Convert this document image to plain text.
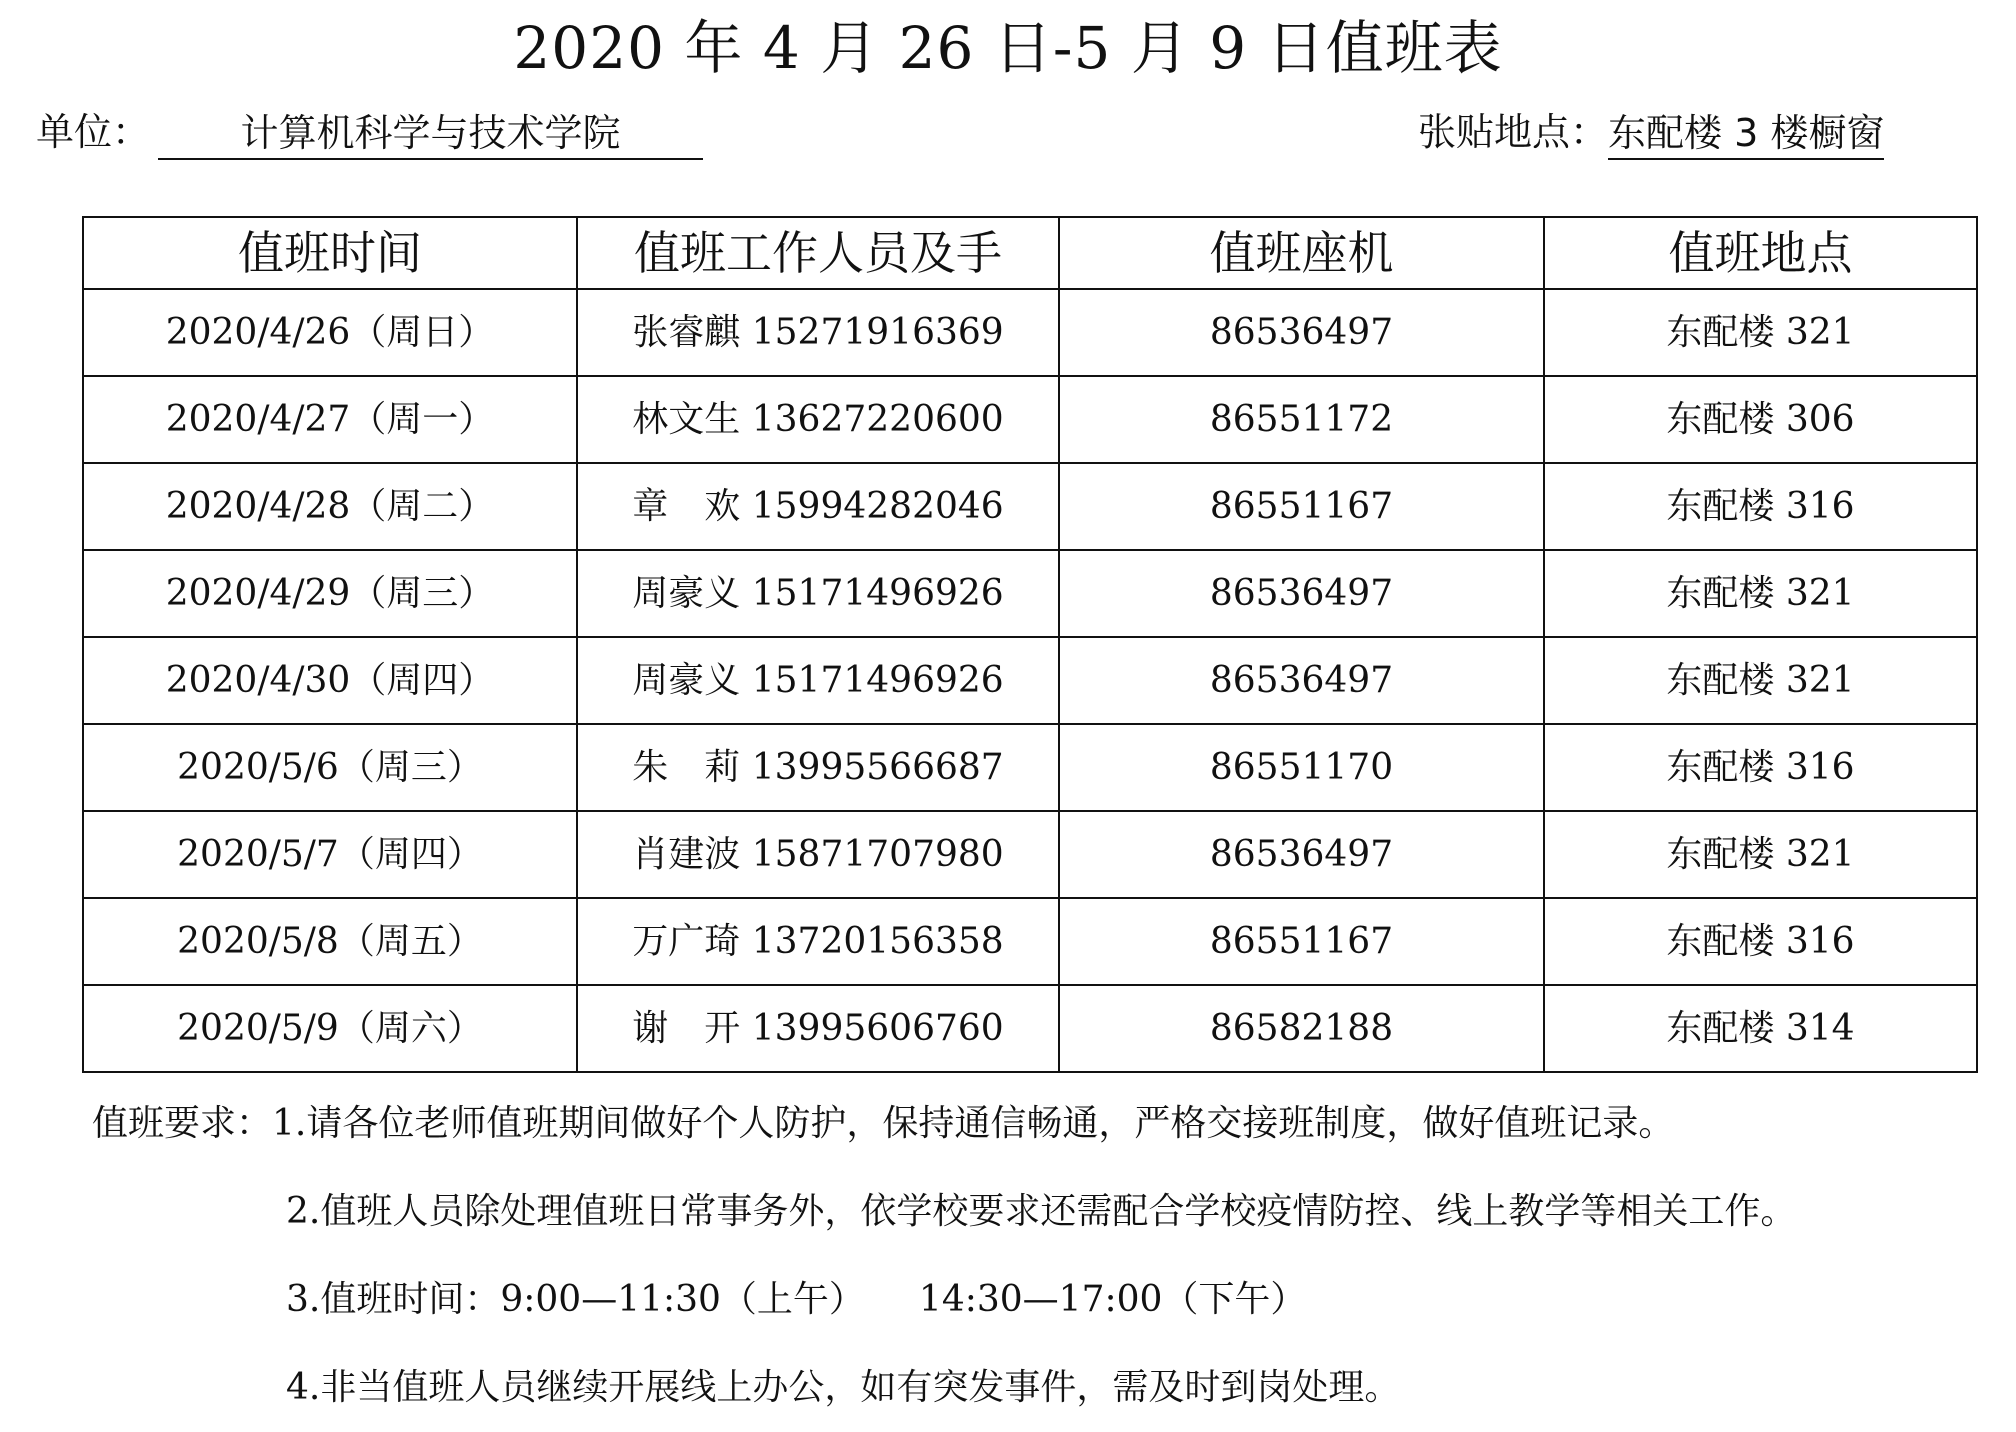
2020 年 4 月 26 日-5 月 9 日值班表
单位：	计算机科学与技术学院	张贴地点： 东配楼 3 楼橱窗
值班时间	值班工作人员及手	值班座机	值班地点
2020/4/26（周日）	张睿麒 15271916369	86536497	东配楼 321
2020/4/27（周一）	林文生 13627220600	86551172	东配楼 306
2020/4/28（周二）	章　欢 15994282046	86551167	东配楼 316
2020/4/29（周三）	周豪义 15171496926	86536497	东配楼 321
2020/4/30（周四）	周豪义 15171496926	86536497	东配楼 321
2020/5/6（周三）	朱　莉 13995566687	86551170	东配楼 316
2020/5/7（周四）	肖建波 15871707980	86536497	东配楼 321
2020/5/8（周五）	万广琦 13720156358	86551167	东配楼 316
2020/5/9（周六）	谢　开 13995606760	86582188	东配楼 314
值班要求：1.请各位老师值班期间做好个人防护，保持通信畅通，严格交接班制度，做好值班记录。
2.值班人员除处理值班日常事务外，依学校要求还需配合学校疫情防控、线上教学等相关工作。
3.值班时间：9:00—11:30（上午）　　14:30—17:00（下午）
4.非当值班人员继续开展线上办公，如有突发事件，需及时到岗处理。
